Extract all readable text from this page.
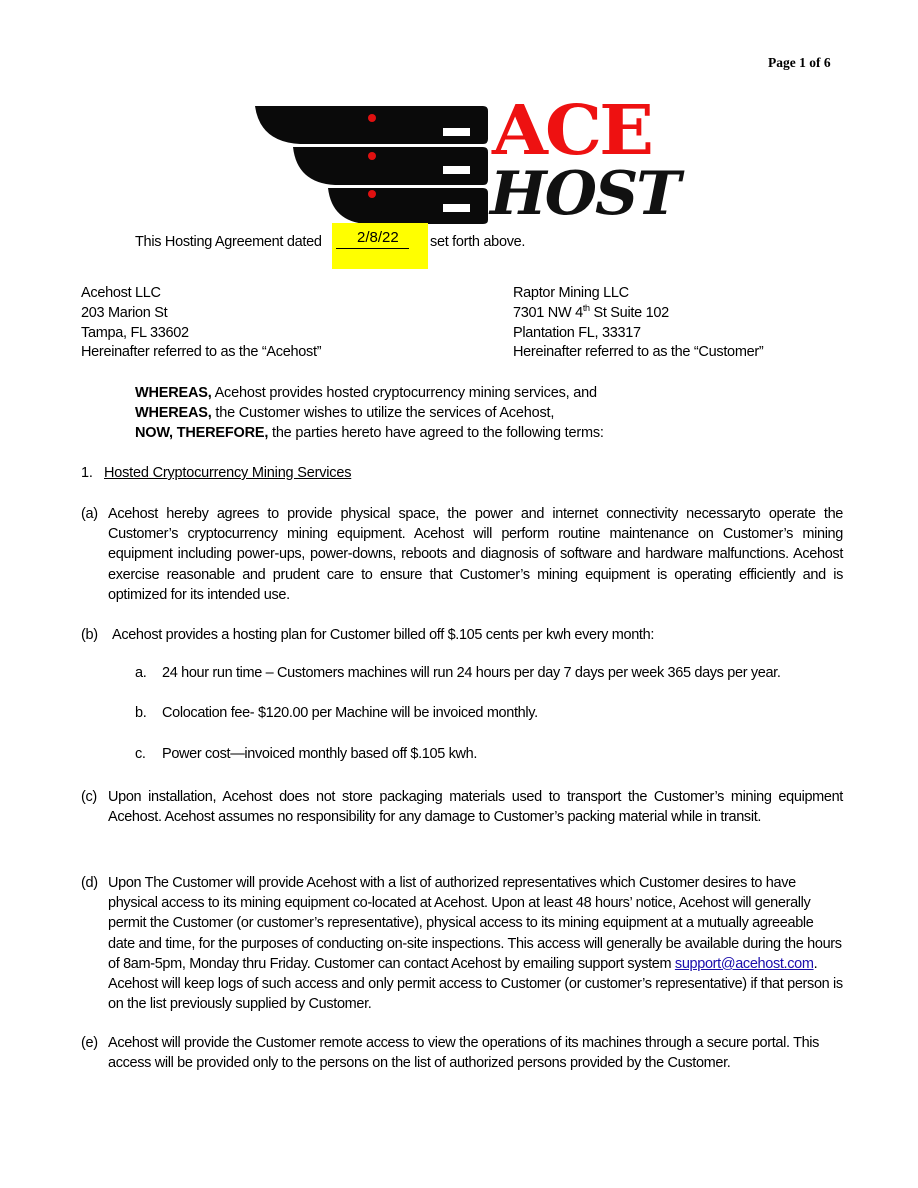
Page 1 of 6
ACE
HOST
This Hosting Agreement dated 2/8/22 set forth above.
Acehost LLC
203 Marion St
Tampa, FL 33602
Hereinafter referred to as the “Acehost”
Raptor Mining LLC
7301 NW 4th St Suite 102
Plantation FL, 33317
Hereinafter referred to as the “Customer”
WHEREAS, Acehost provides hosted cryptocurrency mining services, and
WHEREAS, the Customer wishes to utilize the services of Acehost,
NOW, THEREFORE, the parties hereto have agreed to the following terms:
1. Hosted Cryptocurrency Mining Services
(a) Acehost hereby agrees to provide physical space, the power and internet connectivity necessaryto operate the Customer’s cryptocurrency mining equipment. Acehost will perform routine maintenance on Customer’s mining equipment including power-ups, power-downs, reboots and diagnosis of software and hardware malfunctions. Acehost exercise reasonable and prudent care to ensure that Customer’s mining equipment is operating efficiently and is optimized for its intended use.
(b) Acehost provides a hosting plan for Customer billed off $.105 cents per kwh every month:
a. 24 hour run time – Customers machines will run 24 hours per day 7 days per week 365 days per year.
b. Colocation fee- $120.00 per Machine will be invoiced monthly.
c. Power cost—invoiced monthly based off $.105 kwh.
(c) Upon installation, Acehost does not store packaging materials used to transport the Customer’s mining equipment Acehost. Acehost assumes no responsibility for any damage to Customer’s packing material while in transit.
(d) Upon The Customer will provide Acehost with a list of authorized representatives which Customer desires to have physical access to its mining equipment co-located at Acehost. Upon at least 48 hours’ notice, Acehost will generally permit the Customer (or customer’s representative), physical access to its mining equipment at a mutually agreeable date and time, for the purposes of conducting on-site inspections. This access will generally be available during the hours of 8am-5pm, Monday thru Friday. Customer can contact Acehost by emailing support system support@acehost.com. Acehost will keep logs of such access and only permit access to Customer (or customer’s representative) if that person is on the list previously supplied by Customer.
(e) Acehost will provide the Customer remote access to view the operations of its machines through a secure portal. This access will be provided only to the persons on the list of authorized persons provided by the Customer.
